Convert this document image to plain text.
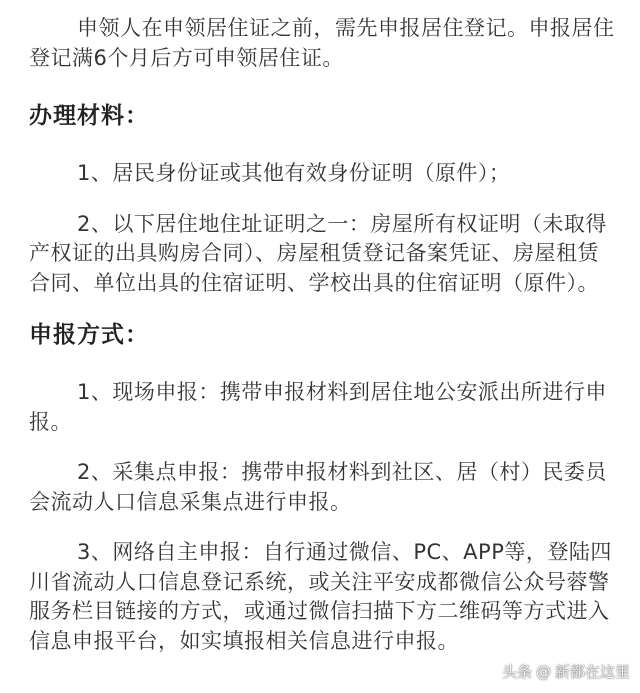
申领人在申领居住证之前，需先申报居住登记。申报居住登记满6个月后方可申领居住证。

办理材料：

1、居民身份证或其他有效身份证明（原件）；

2、以下居住地住址证明之一：房屋所有权证明（未取得产权证的出具购房合同）、房屋租赁登记备案凭证、房屋租赁合同、单位出具的住宿证明、学校出具的住宿证明（原件）。

申报方式：

1、现场申报：携带申报材料到居住地公安派出所进行申报。

2、采集点申报：携带申报材料到社区、居（村）民委员会流动人口信息采集点进行申报。

3、网络自主申报：自行通过微信、PC、APP等，登陆四川省流动人口信息登记系统，或关注平安成都微信公众号蓉警服务栏目链接的方式，或通过微信扫描下方二维码等方式进入信息申报平台，如实填报相关信息进行申报。

头条 @ 新都在这里
